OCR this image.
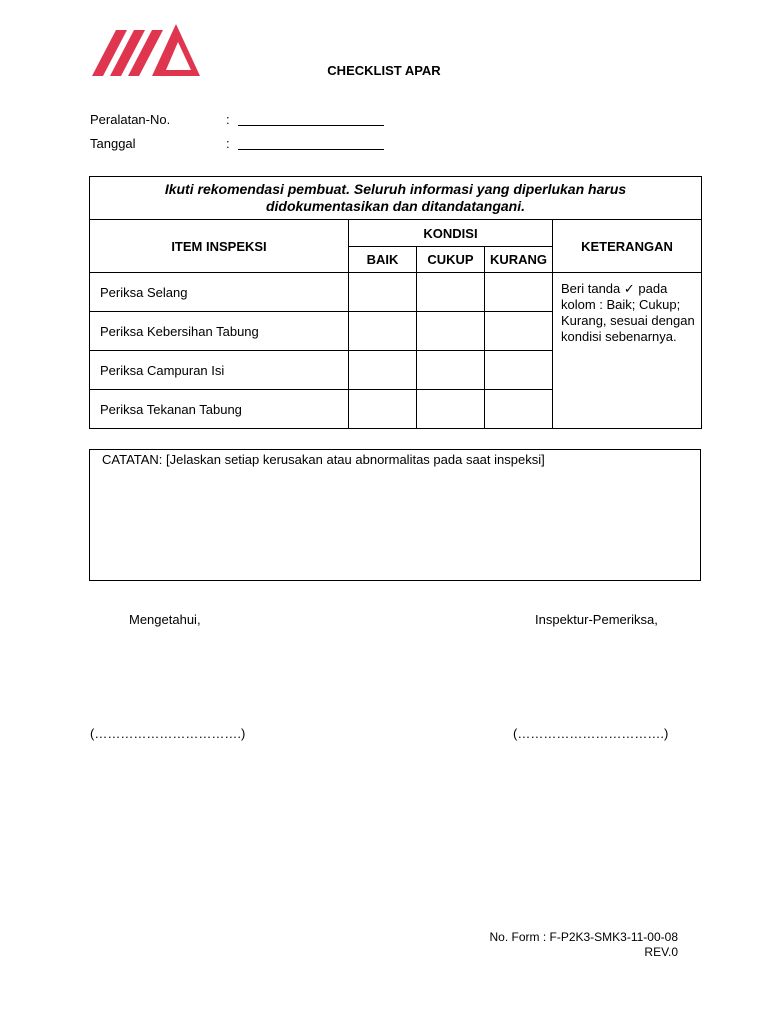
CHECKLIST APAR
Peralatan-No.	:
Tanggal	:
Ikuti rekomendasi pembuat. Seluruh informasi yang diperlukan harus
didokumentasikan dan ditandatangani.				

ITEM INSPEKSI	KONDISI			KETERANGAN
	BAIK	CUKUP	KURANG	
Periksa Selang				Beri tanda ✓ pada kolom : Baik; Cukup; Kurang, sesuai dengan kondisi sebenarnya.
Periksa Kebersihan Tabung				
Periksa Campuran Isi				
Periksa Tekanan Tabung				
CATATAN: [Jelaskan setiap kerusakan atau abnormalitas pada saat inspeksi]
Mengetahui,	Inspektur-Pemeriksa,
(…………………………….)	(…………………………….)
No. Form : F-P2K3-SMK3-11-00-08
REV.0
